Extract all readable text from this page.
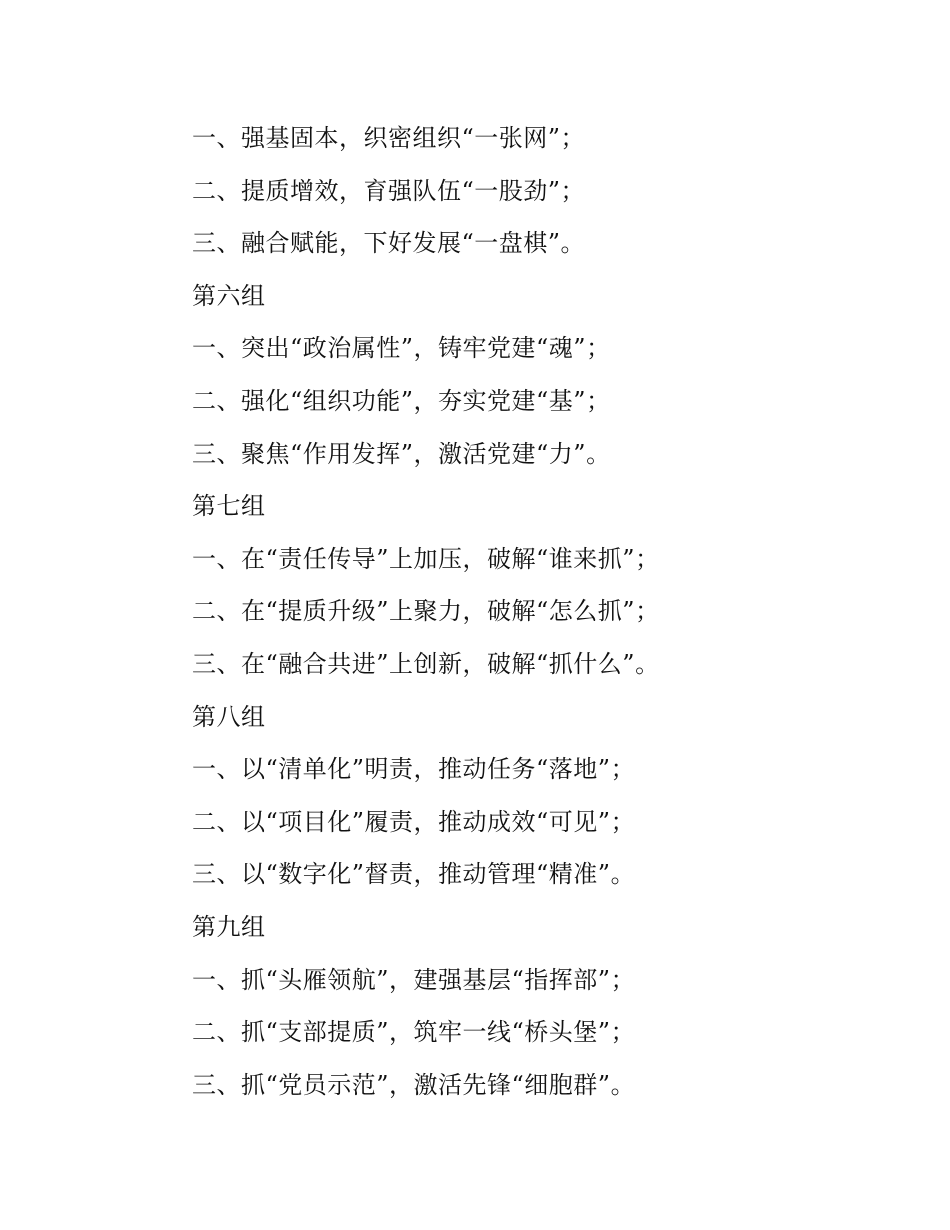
一、强基固本，织密组织“一张网”；
二、提质增效，育强队伍“一股劲”；
三、融合赋能，下好发展“一盘棋”。
第六组
一、突出“政治属性”，铸牢党建“魂”；
二、强化“组织功能”，夯实党建“基”；
三、聚焦“作用发挥”，激活党建“力”。
第七组
一、在“责任传导”上加压，破解“谁来抓”；
二、在“提质升级”上聚力，破解“怎么抓”；
三、在“融合共进”上创新，破解“抓什么”。
第八组
一、以“清单化”明责，推动任务“落地”；
二、以“项目化”履责，推动成效“可见”；
三、以“数字化”督责，推动管理“精准”。
第九组
一、抓“头雁领航”，建强基层“指挥部”；
二、抓“支部提质”，筑牢一线“桥头堡”；
三、抓“党员示范”，激活先锋“细胞群”。
